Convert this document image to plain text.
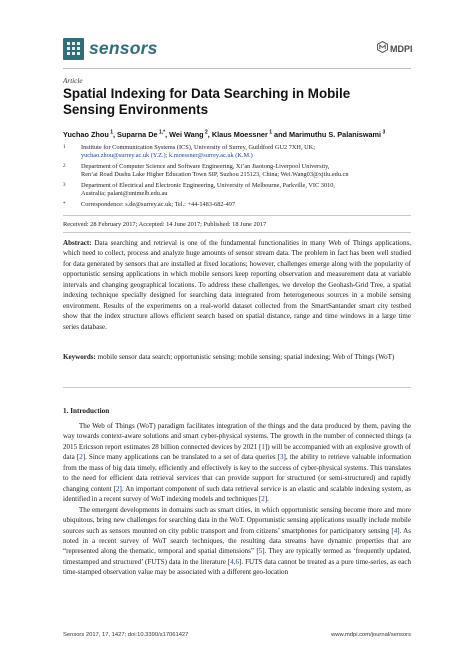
sensors	MDPI
Article
Spatial Indexing for Data Searching in Mobile Sensing Environments
Yuchao Zhou $^1$, Suparna De $^{1,*}$, Wei Wang $^2$, Klaus Moessner $^1$ and Marimuthu S. Palaniswami $^3$
1	Institute for Communication Systems (ICS), University of Surrey, Guildford GU2 7XH, UK;
yuchao.zhou@surrey.ac.uk (Y.Z.); k.moessner@surrey.ac.uk (K.M.)
2	Department of Computer Science and Software Engineering, Xi’an Jiaotong-Liverpool University,
Ren’ai Road Dushu Lake Higher Education Town SIP, Suzhou 215123, China; Wei.Wang03@xjtlu.edu.cn
3	Department of Electrical and Electronic Engineering, University of Melbourne, Parkville, VIC 3010,
Australia; palani@unimelb.edu.au
*	Correspondence: s.de@surrey.ac.uk; Tel.: +44-1483-682-497
Received: 28 February 2017; Accepted: 14 June 2017; Published: 18 June 2017
Abstract: Data searching and retrieval is one of the fundamental functionalities in many Web of Things applications, which need to collect, process and analyze huge amounts of sensor stream data. The problem in fact has been well studied for data generated by sensors that are installed at fixed locations; however, challenges emerge along with the popularity of opportunistic sensing applications in which mobile sensors keep reporting observation and measurement data at variable intervals and changing geographical locations. To address these challenges, we develop the Geohash-Grid Tree, a spatial indexing technique specially designed for searching data integrated from heterogeneous sources in a mobile sensing environment. Results of the experiments on a real-world dataset collected from the SmartSantander smart city testbed show that the index structure allows efficient search based on spatial distance, range and time windows in a large time series database.
Keywords: mobile sensor data search; opportunistic sensing; mobile sensing; spatial indexing; Web of Things (WoT)
1. Introduction

The Web of Things (WoT) paradigm facilitates integration of the things and the data produced by them, paving the way towards context-aware solutions and smart cyber-physical systems. The growth in the number of connected things (a 2015 Ericsson report estimates 28 billion connected devices by 2021 [1]) will be accompanied with an explosive growth of data [2]. Since many applications can be translated to a set of data queries [3], the ability to retrieve valuable information from the mass of big data timely, efficiently and effectively is key to the success of cyber-physical systems. This translates to the need for efficient data retrieval services that can provide support for structured (or semi-structured) and rapidly changing content [2]. An important component of such data retrieval service is an elastic and scalable indexing system, as identified in a recent survey of WoT indexing models and techniques [2].

The emergent developments in domains such as smart cities, in which opportunistic sensing become more and more ubiquitous, bring new challenges for searching data in the WoT. Opportunistic sensing applications usually include mobile sources such as sensors mounted on city public transport and from citizens’ smartphones for participatory sensing [4]. As noted in a recent survey of WoT search techniques, the resulting data streams have dynamic properties that are “represented along the thematic, temporal and spatial dimensions” [5]. They are typically termed as ‘frequently updated, timestamped and structured’ (FUTS) data in the literature [4,6]. FUTS data cannot be treated as a pure time-series, as each time-stamped observation value may be associated with a different geo-location

Sensors 2017, 17, 1427; doi:10.3390/s17061427	www.mdpi.com/journal/sensors
